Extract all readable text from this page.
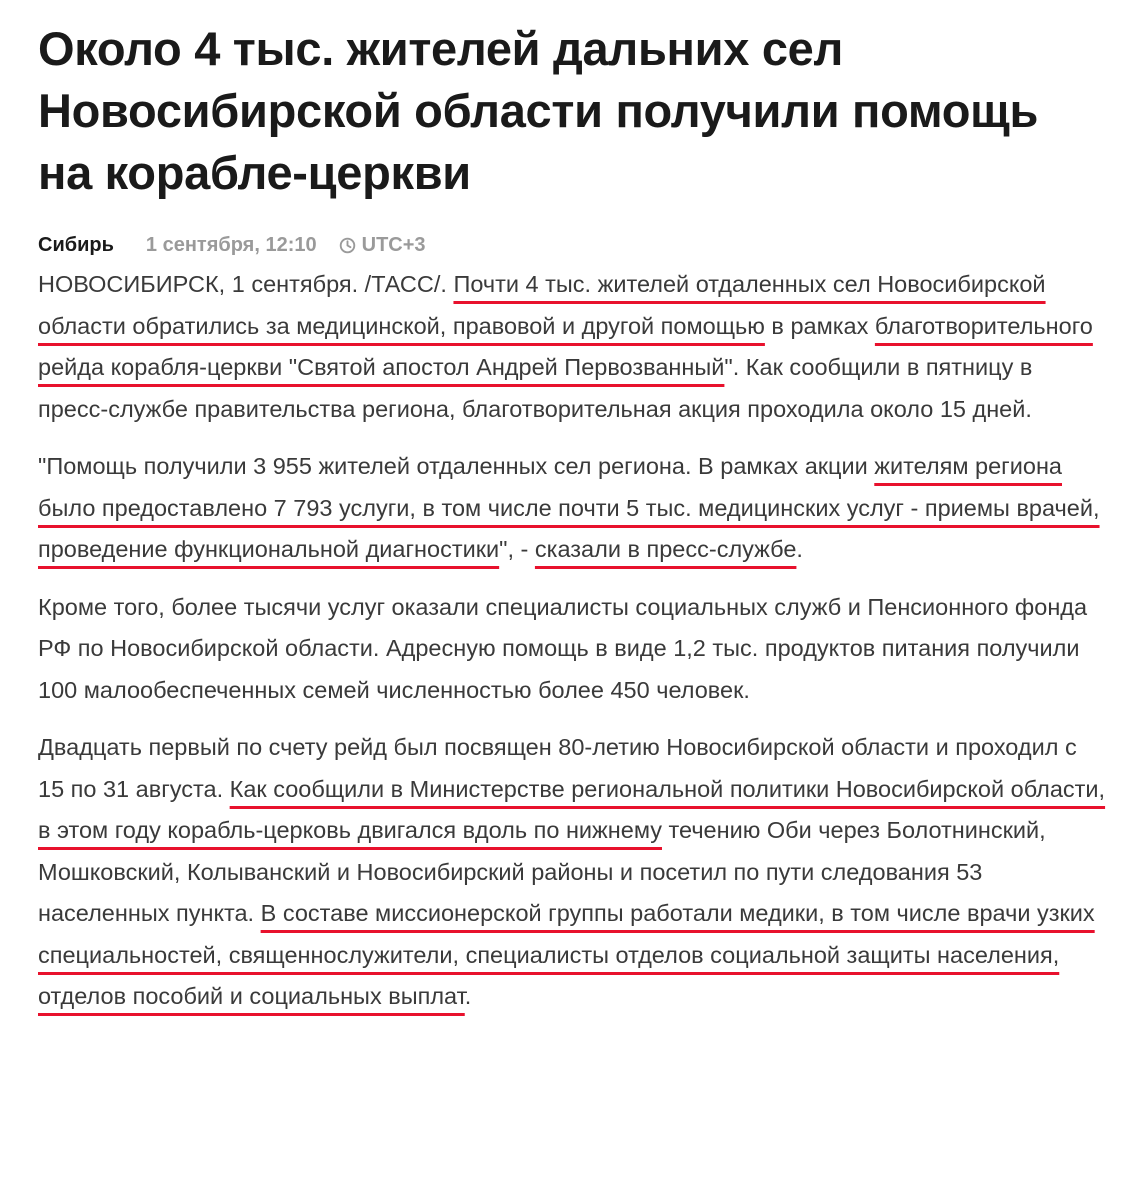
Около 4 тыс. жителей дальних сел Новосибирской области получили помощь на корабле-церкви
Сибирь 1 сентября, 12:10 UTC+3

НОВОСИБИРСК, 1 сентября. /ТАСС/. Почти 4 тыс. жителей отдаленных сел Новосибирской области обратились за медицинской, правовой и другой помощью в рамках благотворительного рейда корабля-церкви "Святой апостол Андрей Первозванный". Как сообщили в пятницу в пресс-службе правительства региона, благотворительная акция проходила около 15 дней.

"Помощь получили 3 955 жителей отдаленных сел региона. В рамках акции жителям региона было предоставлено 7 793 услуги, в том числе почти 5 тыс. медицинских услуг - приемы врачей, проведение функциональной диагностики", - сказали в пресс-службе.

Кроме того, более тысячи услуг оказали специалисты социальных служб и Пенсионного фонда РФ по Новосибирской области. Адресную помощь в виде 1,2 тыс. продуктов питания получили 100 малообеспеченных семей численностью более 450 человек.

Двадцать первый по счету рейд был посвящен 80-летию Новосибирской области и проходил с 15 по 31 августа. Как сообщили в Министерстве региональной политики Новосибирской области, в этом году корабль-церковь двигался вдоль по нижнему течению Оби через Болотнинский, Мошковский, Колыванский и Новосибирский районы и посетил по пути следования 53 населенных пункта. В составе миссионерской группы работали медики, в том числе врачи узких специальностей, священнослужители, специалисты отделов социальной защиты населения, отделов пособий и социальных выплат.
